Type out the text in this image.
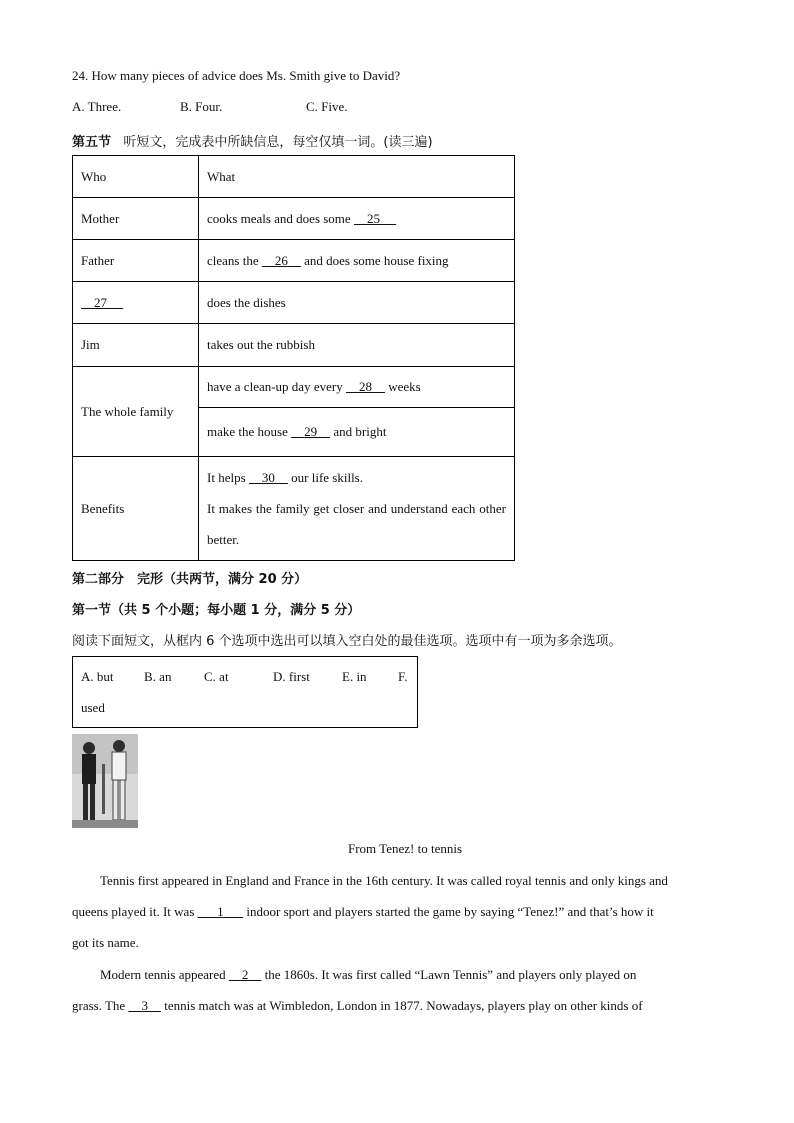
24. How many pieces of advice does Ms. Smith give to David?
A. Three.	B. Four.	C. Five.
第五节 听短文，完成表中所缺信息，每空仅填一词。(读三遍)
Who	What
Mother	cooks meals and does some     25
Father	cleans the     26     and does some house fixing
27	does the dishes
Jim	takes out the rubbish
The whole family	have a clean-up day every     28     weeks
	make the house     29     and bright
Benefits	It helps     30     our life skills.
It makes the family get closer and understand each other better.
第二部分　完形（共两节，满分 20 分）
第一节（共 5 个小题；每小题 1 分，满分 5 分）
阅读下面短文，从框内 6 个选项中选出可以填入空白处的最佳选项。选项中有一项为多余选项。
A. but B. an	C. at	D. first E. in F.
used
From Tenez! to tennis
Tennis first appeared in England and France in the 16th century. It was called royal tennis and only kings and
queens played it. It was       1       indoor sport and players started the game by saying “Tenez!” and that’s how it
got its name.
Modern tennis appeared     2     the 1860s. It was first called “Lawn Tennis” and players only played on
grass. The     3     tennis match was at Wimbledon, London in 1877. Nowadays, players play on other kinds of
